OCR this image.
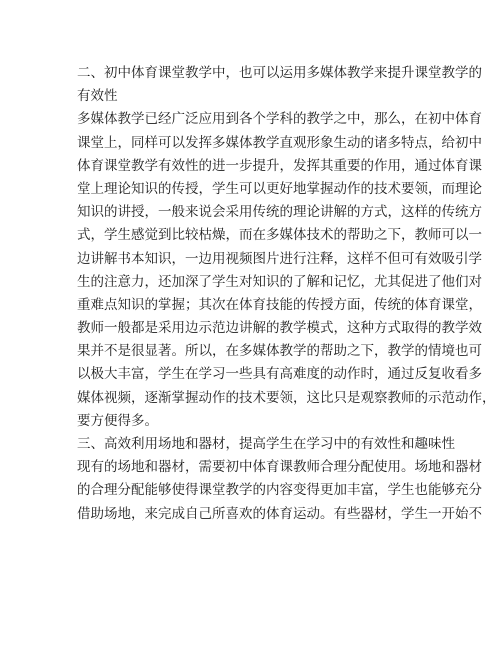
二、初中体育课堂教学中，也可以运用多媒体教学来提升课堂教学的
有效性
多媒体教学已经广泛应用到各个学科的教学之中，那么，在初中体育
课堂上，同样可以发挥多媒体教学直观形象生动的诸多特点，给初中
体育课堂教学有效性的进一步提升，发挥其重要的作用，通过体育课
堂上理论知识的传授，学生可以更好地掌握动作的技术要领，而理论
知识的讲授，一般来说会采用传统的理论讲解的方式，这样的传统方
式，学生感觉到比较枯燥，而在多媒体技术的帮助之下，教师可以一
边讲解书本知识，一边用视频图片进行注释，这样不但可有效吸引学
生的注意力，还加深了学生对知识的了解和记忆，尤其促进了他们对
重难点知识的掌握；其次在体育技能的传授方面，传统的体育课堂，
教师一般都是采用边示范边讲解的教学模式，这种方式取得的教学效
果并不是很显著。所以，在多媒体教学的帮助之下，教学的情境也可
以极大丰富，学生在学习一些具有高难度的动作时，通过反复收看多
媒体视频，逐渐掌握动作的技术要领，这比只是观察教师的示范动作，
要方便得多。
三、高效利用场地和器材，提高学生在学习中的有效性和趣味性
现有的场地和器材，需要初中体育课教师合理分配使用。场地和器材
的合理分配能够使得课堂教学的内容变得更加丰富，学生也能够充分
借助场地，来完成自己所喜欢的体育运动。有些器材，学生一开始不
